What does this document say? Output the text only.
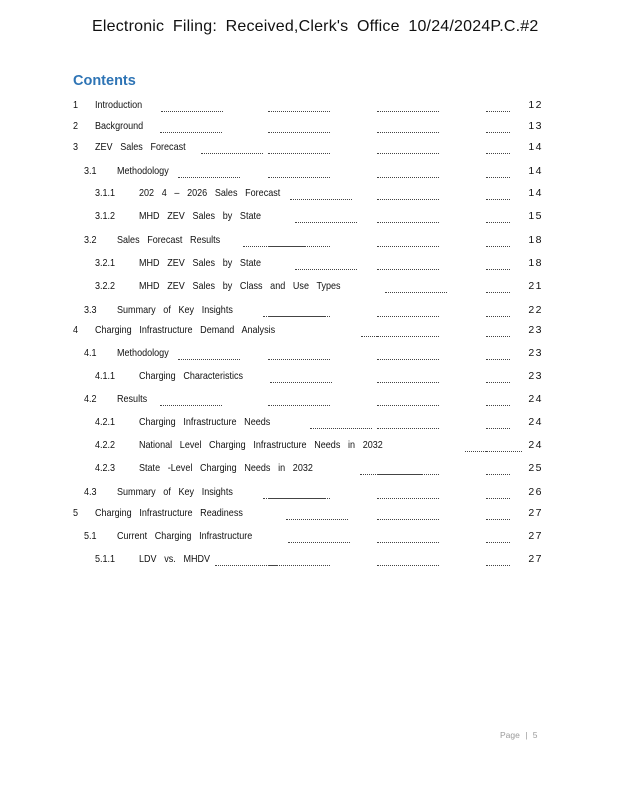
Electronic Filing: Received,Clerk's Office 10/24/2024P.C.#2
Contents
1 Introduction	12
2 Background	13
3 ZEV Sales Forecast	14
3.1 Methodology	14
3.1.1 202 4 – 2026 Sales Forecast	14
3.1.2 MHD ZEV Sales by State	15
3.2 Sales Forecast Results	18
3.2.1 MHD ZEV Sales by State	18
3.2.2 MHD ZEV Sales by Class and Use Types	21
3.3 Summary of Key Insights	22
4 Charging Infrastructure Demand Analysis	23
4.1 Methodology	23
4.1.1 Charging Characteristics	23
4.2 Results	24
4.2.1 Charging Infrastructure Needs	24
4.2.2 National Level Charging Infrastructure Needs in 2032	24
4.2.3 State -Level Charging Needs in 2032	25
4.3 Summary of Key Insights	26
5 Charging Infrastructure Readiness	27
5.1 Current Charging Infrastructure	27
5.1.1 LDV vs. MHDV	27
Page | 5
